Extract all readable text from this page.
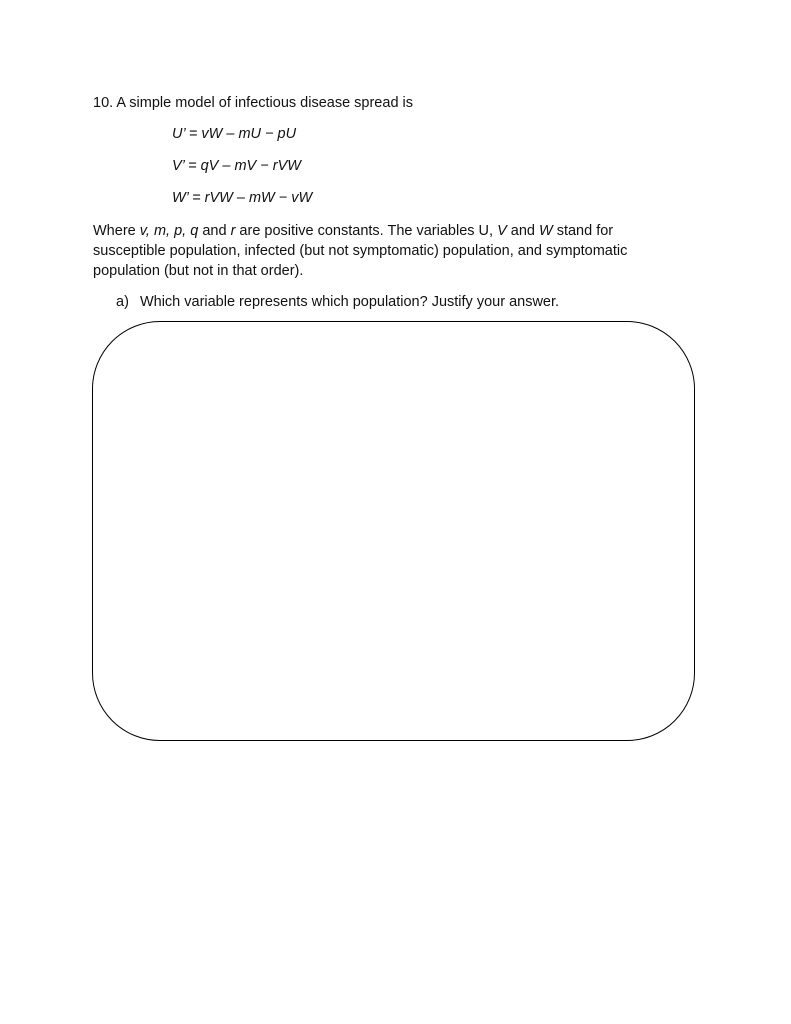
10. A simple model of infectious disease spread is
U’ = vW – mU − pU
V’ = qV – mV − rVW
W’ = rVW – mW − vW
Where v, m, p, q and r are positive constants. The variables U, V and W stand for
susceptible population, infected (but not symptomatic) population, and symptomatic
population (but not in that order).
a) Which variable represents which population? Justify your answer.
